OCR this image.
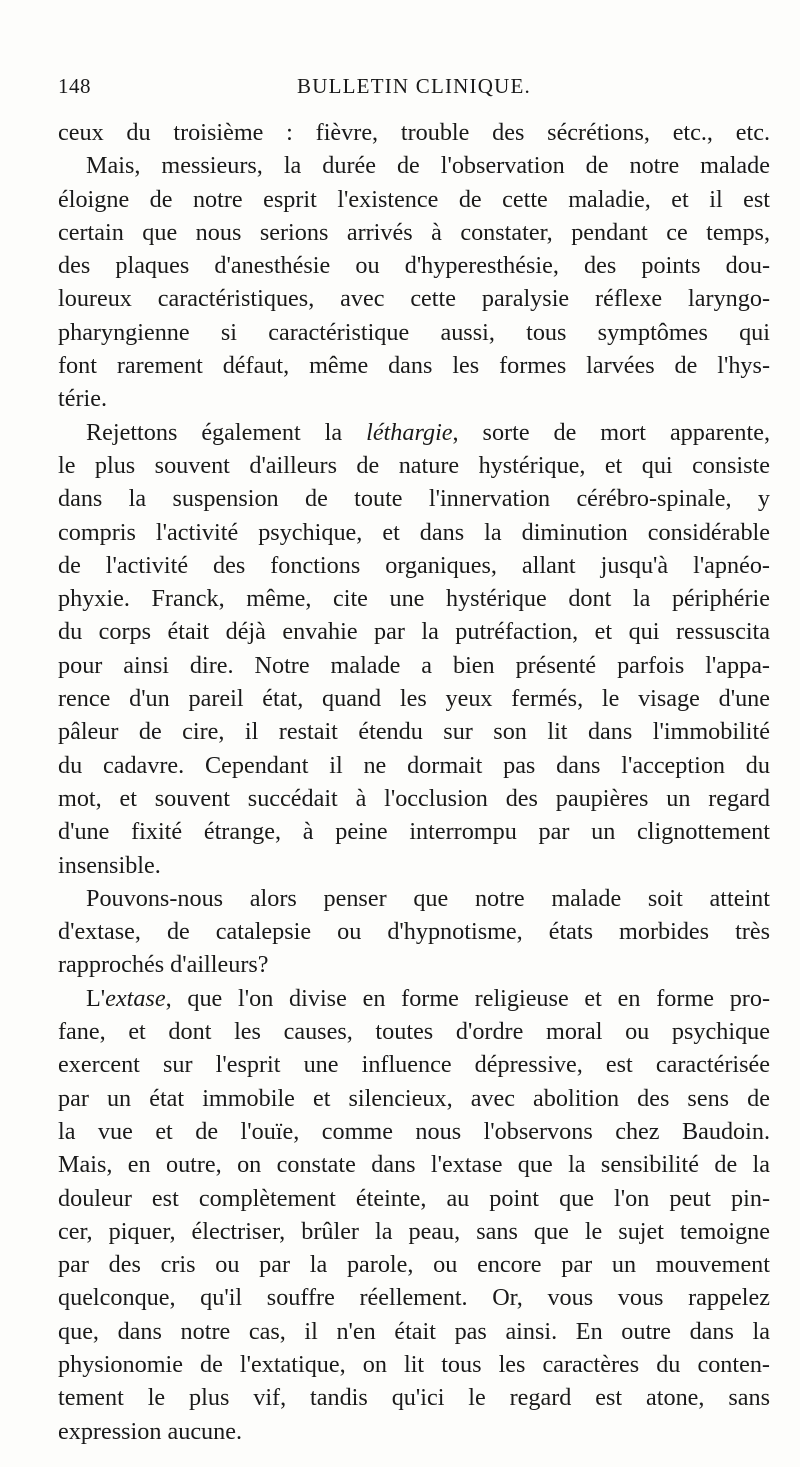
148	BULLETIN CLINIQUE.
ceux du troisième : fièvre, trouble des sécrétions, etc., etc.
Mais, messieurs, la durée de l'observation de notre malade
éloigne de notre esprit l'existence de cette maladie, et il est
certain que nous serions arrivés à constater, pendant ce temps,
des plaques d'anesthésie ou d'hyperesthésie, des points dou-
loureux caractéristiques, avec cette paralysie réflexe laryngo-
pharyngienne si caractéristique aussi, tous symptômes qui
font rarement défaut, même dans les formes larvées de l'hys-
térie.
Rejettons également la léthargie, sorte de mort apparente,
le plus souvent d'ailleurs de nature hystérique, et qui consiste
dans la suspension de toute l'innervation cérébro-spinale, y
compris l'activité psychique, et dans la diminution considérable
de l'activité des fonctions organiques, allant jusqu'à l'apnéo-
phyxie. Franck, même, cite une hystérique dont la périphérie
du corps était déjà envahie par la putréfaction, et qui ressuscita
pour ainsi dire. Notre malade a bien présenté parfois l'appa-
rence d'un pareil état, quand les yeux fermés, le visage d'une
pâleur de cire, il restait étendu sur son lit dans l'immobilité
du cadavre. Cependant il ne dormait pas dans l'acception du
mot, et souvent succédait à l'occlusion des paupières un regard
d'une fixité étrange, à peine interrompu par un clignottement
insensible.
Pouvons-nous alors penser que notre malade soit atteint
d'extase, de catalepsie ou d'hypnotisme, états morbides très
rapprochés d'ailleurs?
L'extase, que l'on divise en forme religieuse et en forme pro-
fane, et dont les causes, toutes d'ordre moral ou psychique
exercent sur l'esprit une influence dépressive, est caractérisée
par un état immobile et silencieux, avec abolition des sens de
la vue et de l'ouïe, comme nous l'observons chez Baudoin.
Mais, en outre, on constate dans l'extase que la sensibilité de la
douleur est complètement éteinte, au point que l'on peut pin-
cer, piquer, électriser, brûler la peau, sans que le sujet temoigne
par des cris ou par la parole, ou encore par un mouvement
quelconque, qu'il souffre réellement. Or, vous vous rappelez
que, dans notre cas, il n'en était pas ainsi. En outre dans la
physionomie de l'extatique, on lit tous les caractères du conten-
tement le plus vif, tandis qu'ici le regard est atone, sans
expression aucune.
